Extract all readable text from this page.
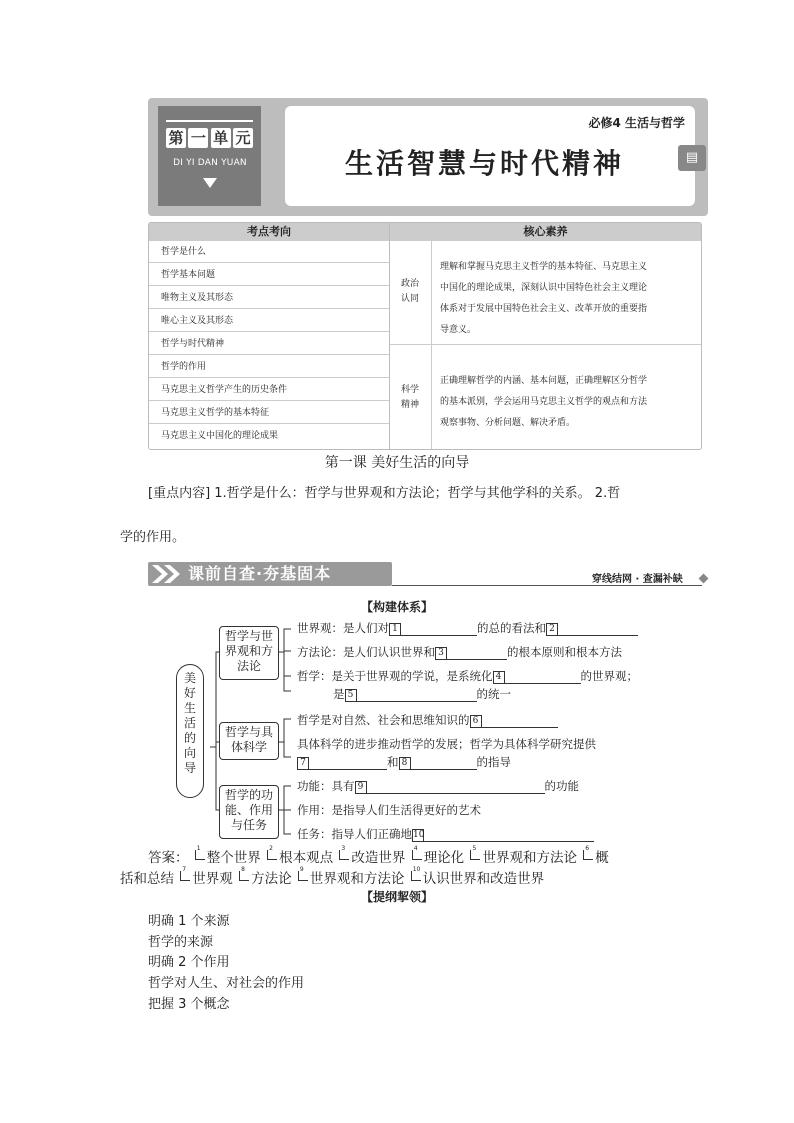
第 一 单 元
DI YI DAN YUAN
必修4 生活与哲学
生活智慧与时代精神	▤
考点考向	核心素养
哲学是什么
哲学基本问题
唯物主义及其形态
唯心主义及其形态
哲学与时代精神
哲学的作用
马克思主义哲学产生的历史条件
马克思主义哲学的基本特征
马克思主义中国化的理论成果
政治
认同
理解和掌握马克思主义哲学的基本特征、马克思主义
中国化的理论成果，深刻认识中国特色社会主义理论
体系对于发展中国特色社会主义、改革开放的重要指
导意义。
科学
精神
正确理解哲学的内涵、基本问题，正确理解区分哲学
的基本派别，学会运用马克思主义哲学的观点和方法
观察事物、分析问题、解决矛盾。
第一课 美好生活的向导
[重点内容] 1.哲学是什么：哲学与世界观和方法论；哲学与其他学科的关系。 2.哲
学的作用。
课前自查·夯基固本	穿线结网 · 查漏补缺
【构建体系】
美
好
生
活
的
向
导
哲学与世
界观和方
法论
哲学与具
体科学
哲学的功
能、作用
与任务
世界观：是人们对 1	的总的看法和 2
方法论：是人们认识世界和 3	的根本原则和根本方法
哲学：是关于世界观的学说，是系统化 4	的世界观；
是 5	的统一
哲学是对自然、社会和思维知识的 6
具体科学的进步推动哲学的发展；哲学为具体科学研究提供
7	和 8	的指导
功能：具有 9	的功能
作用：是指导人们生活得更好的艺术
任务：指导人们正确地10
答案：
1
整个世界
2
根本观点
3
改造世界
4
理论化
5
世界观和方法论
6
概
括和总结
7
世界观
8
方法论
9
世界观和方法论
10
认识世界和改造世界
【提纲挈领】
明确 1 个来源
哲学的来源
明确 2 个作用
哲学对人生、对社会的作用
把握 3 个概念
